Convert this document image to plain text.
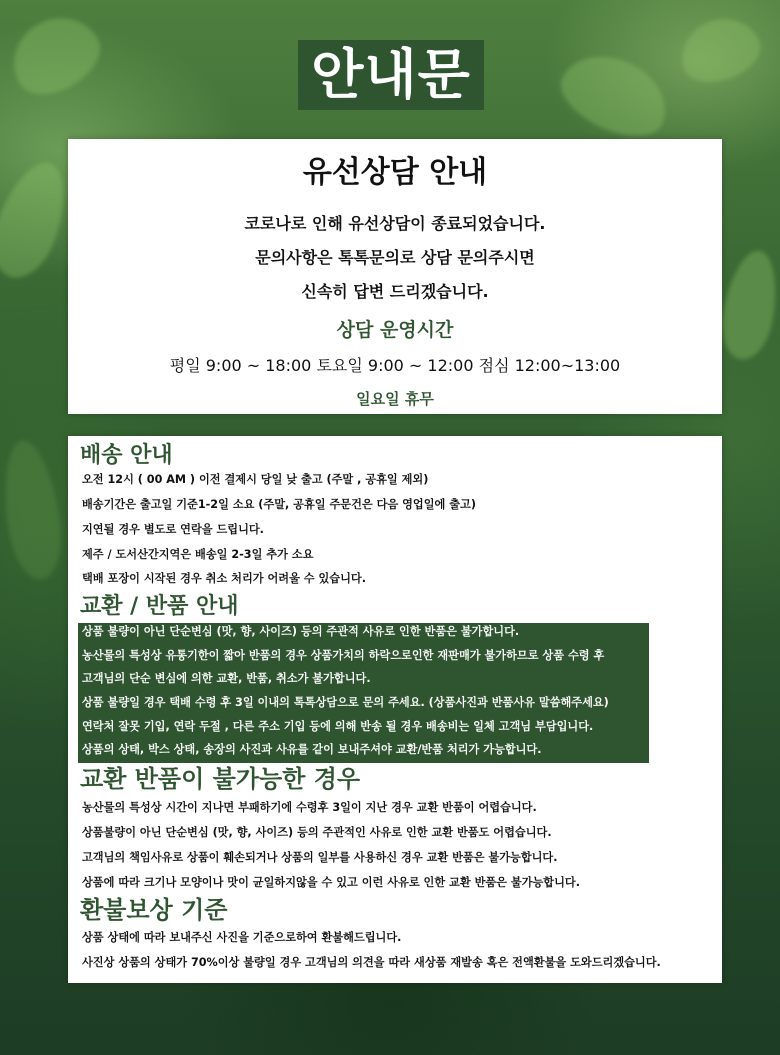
안내문
유선상담 안내
코로나로 인해 유선상담이 종료되었습니다.
문의사항은 톡톡문의로 상담 문의주시면
신속히 답변 드리겠습니다.
상담 운영시간
평일 9:00 ~ 18:00 토요일 9:00 ~ 12:00 점심 12:00~13:00
일요일 휴무
배송 안내
오전 12시 ( 00 AM ) 이전 결제시 당일 낮 출고 (주말 , 공휴일 제외)
배송기간은 출고일 기준1-2일 소요 (주말, 공휴일 주문건은 다음 영업일에 출고)
지연될 경우 별도로 연락을 드립니다.
제주 / 도서산간지역은 배송일 2-3일 추가 소요
택배 포장이 시작된 경우 취소 처리가 어려울 수 있습니다.
교환 / 반품 안내
상품 불량이 아닌 단순변심 (맛, 향, 사이즈) 등의 주관적 사유로 인한 반품은 불가합니다.
농산물의 특성상 유통기한이 짧아 반품의 경우 상품가치의 하락으로인한 재판매가 불가하므로 상품 수령 후
고객님의 단순 변심에 의한 교환, 반품, 취소가 불가합니다.
상품 불량일 경우 택배 수령 후 3일 이내의 톡톡상담으로 문의 주세요. (상품사진과 반품사유 말씀해주세요)
연락처 잘못 기입, 연락 두절 , 다른 주소 기입 등에 의해 반송 될 경우 배송비는 일체 고객님 부담입니다.
상품의 상태, 박스 상태, 송장의 사진과 사유를 같이 보내주셔야 교환/반품 처리가 가능합니다.
교환 반품이 불가능한 경우
농산물의 특성상 시간이 지나면 부패하기에 수령후 3일이 지난 경우 교환 반품이 어렵습니다.
상품불량이 아닌 단순변심 (맛, 향, 사이즈) 등의 주관적인 사유로 인한 교환 반품도 어렵습니다.
고객님의 책임사유로 상품이 훼손되거나 상품의 일부를 사용하신 경우 교환 반품은 불가능합니다.
상품에 따라 크기나 모양이나 맛이 균일하지않을 수 있고 이런 사유로 인한 교환 반품은 불가능합니다.
환불보상 기준
상품 상태에 따라 보내주신 사진을 기준으로하여 환불해드립니다.
사진상 상품의 상태가 70%이상 불량일 경우 고객님의 의견을 따라 새상품 재발송 혹은 전액환불을 도와드리겠습니다.
